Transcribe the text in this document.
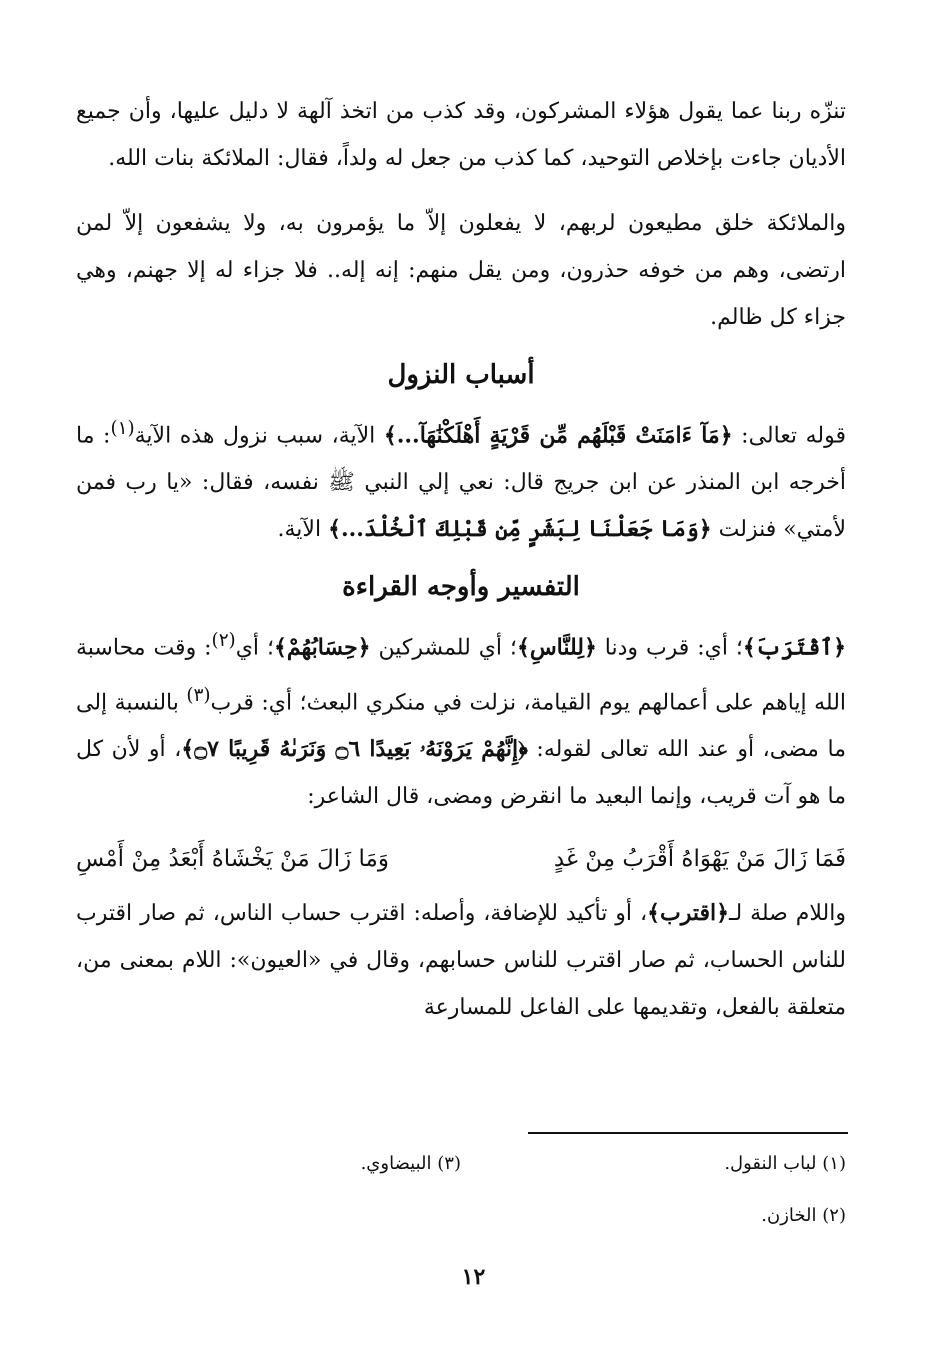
تنزّه ربنا عما يقول هؤلاء المشركون، وقد كذب من اتخذ آلهة لا دليل عليها، وأن جميع الأديان جاءت بإخلاص التوحيد، كما كذب من جعل له ولداً، فقال: الملائكة بنات الله.

والملائكة خلق مطيعون لربهم، لا يفعلون إلاّ ما يؤمرون به، ولا يشفعون إلاّ لمن ارتضى، وهم من خوفه حذرون، ومن يقل منهم: إنه إله.. فلا جزاء له إلا جهنم، وهي جزاء كل ظالم.

أسباب النزول

قوله تعالى: ﴿مَآ ءَامَنَتْ قَبْلَهُم مِّن قَرْيَةٍ أَهْلَكْنَٰهَآ...﴾ الآية، سبب نزول هذه الآية$^{(١)}$: ما أخرجه ابن المنذر عن ابن جريج قال: نعي إلي النبي ﷺ نفسه، فقال: «يا رب فمن لأمتي» فنزلت ﴿وَمَا جَعَلْنَا لِبَشَرٍ مِّن قَبْلِكَ ٱلْخُلْدَ...﴾ الآية.

التفسير وأوجه القراءة

﴿ٱقْتَرَبَ﴾؛ أي: قرب ودنا ﴿لِلنَّاسِ﴾؛ أي للمشركين ﴿حِسَابُهُمْ﴾؛ أي$^{(٢)}$: وقت محاسبة الله إياهم على أعمالهم يوم القيامة، نزلت في منكري البعث؛ أي: قرب$^{(٣)}$ بالنسبة إلى ما مضى، أو عند الله تعالى لقوله: ﴿إِنَّهُمْ يَرَوْنَهُۥ بَعِيدًا ۝٦ وَنَرَىٰهُ قَرِيبًا ۝٧﴾، أو لأن كل ما هو آت قريب، وإنما البعيد ما انقرض ومضى، قال الشاعر:

فَمَا زَالَ مَنْ يَهْوَاهُ أَقْرَبُ مِنْ غَدٍ
وَمَا زَالَ مَنْ يَخْشَاهُ أَبْعَدُ مِنْ أَمْسِ

واللام صلة لـ﴿اقترب﴾، أو تأكيد للإضافة، وأصله: اقترب حساب الناس، ثم صار اقترب للناس الحساب، ثم صار اقترب للناس حسابهم، وقال في «العيون»: اللام بمعنى من، متعلقة بالفعل، وتقديمها على الفاعل للمسارعة

(١) لباب النقول.
(٣) البيضاوي.
(٢) الخازن.
١٢
